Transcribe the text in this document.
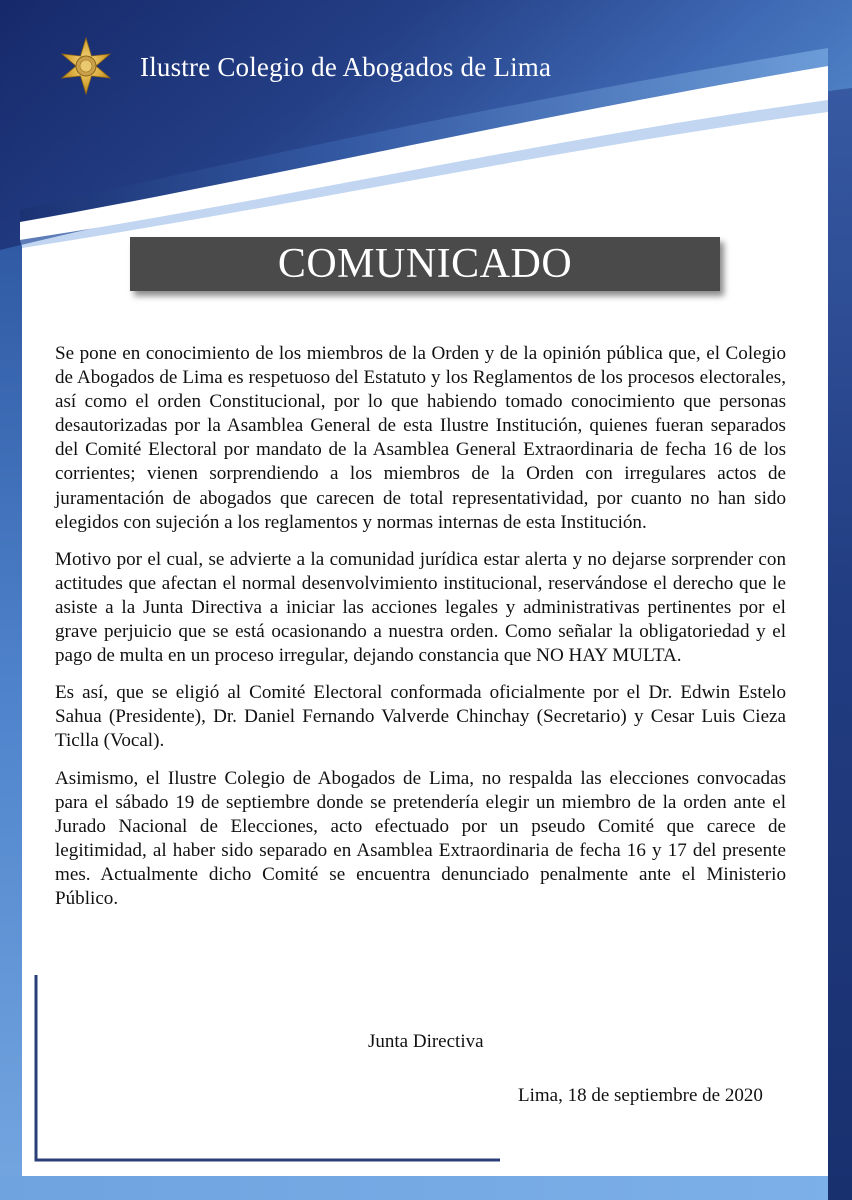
Ilustre Colegio de Abogados de Lima
COMUNICADO

Se pone en conocimiento de los miembros de la Orden y de la opinión pública que, el Colegio de Abogados de Lima es respetuoso del Estatuto y los Reglamentos de los procesos electorales, así como el orden Constitucional, por lo que habiendo tomado conocimiento que personas desautorizadas por la Asamblea General de esta Ilustre Institución, quienes fueran separados del Comité Electoral por mandato de la Asamblea General Extraordinaria de fecha 16 de los corrientes; vienen sorprendiendo a los miembros de la Orden con irregulares actos de juramentación de abogados que carecen de total representatividad, por cuanto no han sido elegidos con sujeción a los reglamentos y normas internas de esta Institución.

Motivo por el cual, se advierte a la comunidad jurídica estar alerta y no dejarse sorprender con actitudes que afectan el normal desenvolvimiento institucional, reservándose el derecho que le asiste a la Junta Directiva a iniciar las acciones legales y administrativas pertinentes por el grave perjuicio que se está ocasionando a nuestra orden. Como señalar la obligatoriedad y el pago de multa en un proceso irregular, dejando constancia que NO HAY MULTA.

Es así, que se eligió al Comité Electoral conformada oficialmente por el Dr. Edwin Estelo Sahua (Presidente), Dr. Daniel Fernando Valverde Chinchay (Secretario) y Cesar Luis Cieza Ticlla (Vocal).

Asimismo, el Ilustre Colegio de Abogados de Lima, no respalda las elecciones convocadas para el sábado 19 de septiembre donde se pretendería elegir un miembro de la orden ante el Jurado Nacional de Elecciones, acto efectuado por un pseudo Comité que carece de legitimidad, al haber sido separado en Asamblea Extraordinaria de fecha 16 y 17 del presente mes. Actualmente dicho Comité se encuentra denunciado penalmente ante el Ministerio Público.

Junta Directiva
Lima, 18 de septiembre de 2020
